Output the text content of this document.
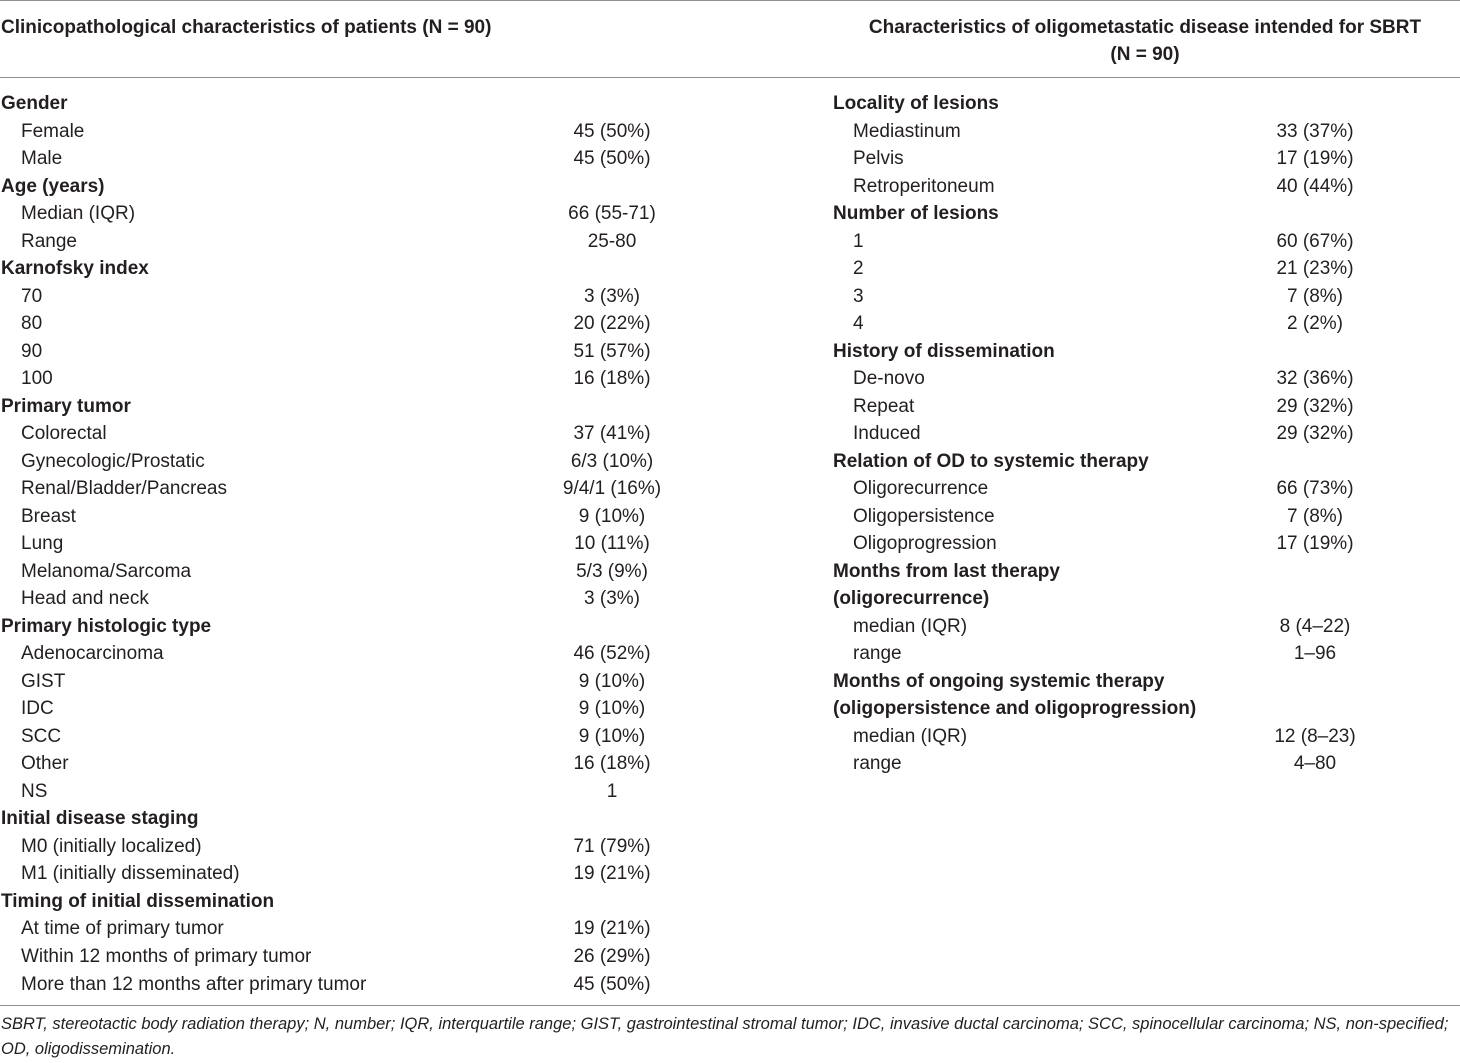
Clinicopathological characteristics of patients (N = 90)	Characteristics of oligometastatic disease intended for SBRT
(N = 90)
Gender
Female	45 (50%)
Male	45 (50%)
Age (years)
Median (IQR)	66 (55-71)
Range	25-80
Karnofsky index
70	3 (3%)
80	20 (22%)
90	51 (57%)
100	16 (18%)
Primary tumor
Colorectal	37 (41%)
Gynecologic/Prostatic	6/3 (10%)
Renal/Bladder/Pancreas	9/4/1 (16%)
Breast	9 (10%)
Lung	10 (11%)
Melanoma/Sarcoma	5/3 (9%)
Head and neck	3 (3%)
Primary histologic type
Adenocarcinoma	46 (52%)
GIST	9 (10%)
IDC	9 (10%)
SCC	9 (10%)
Other	16 (18%)
NS	1
Initial disease staging
M0 (initially localized)	71 (79%)
M1 (initially disseminated)	19 (21%)
Timing of initial dissemination
At time of primary tumor	19 (21%)
Within 12 months of primary tumor	26 (29%)
More than 12 months after primary tumor	45 (50%)
Locality of lesions
Mediastinum	33 (37%)
Pelvis	17 (19%)
Retroperitoneum	40 (44%)
Number of lesions
1	60 (67%)
2	21 (23%)
3	7 (8%)
4	2 (2%)
History of dissemination
De-novo	32 (36%)
Repeat	29 (32%)
Induced	29 (32%)
Relation of OD to systemic therapy
Oligorecurrence	66 (73%)
Oligopersistence	7 (8%)
Oligoprogression	17 (19%)
Months from last therapy
(oligorecurrence)
median (IQR)	8 (4–22)
range	1–96
Months of ongoing systemic therapy
(oligopersistence and oligoprogression)
median (IQR)	12 (8–23)
range	4–80
SBRT, stereotactic body radiation therapy; N, number; IQR, interquartile range; GIST, gastrointestinal stromal tumor; IDC, invasive ductal carcinoma; SCC, spinocellular carcinoma; NS, non-specified; OD, oligodissemination.
